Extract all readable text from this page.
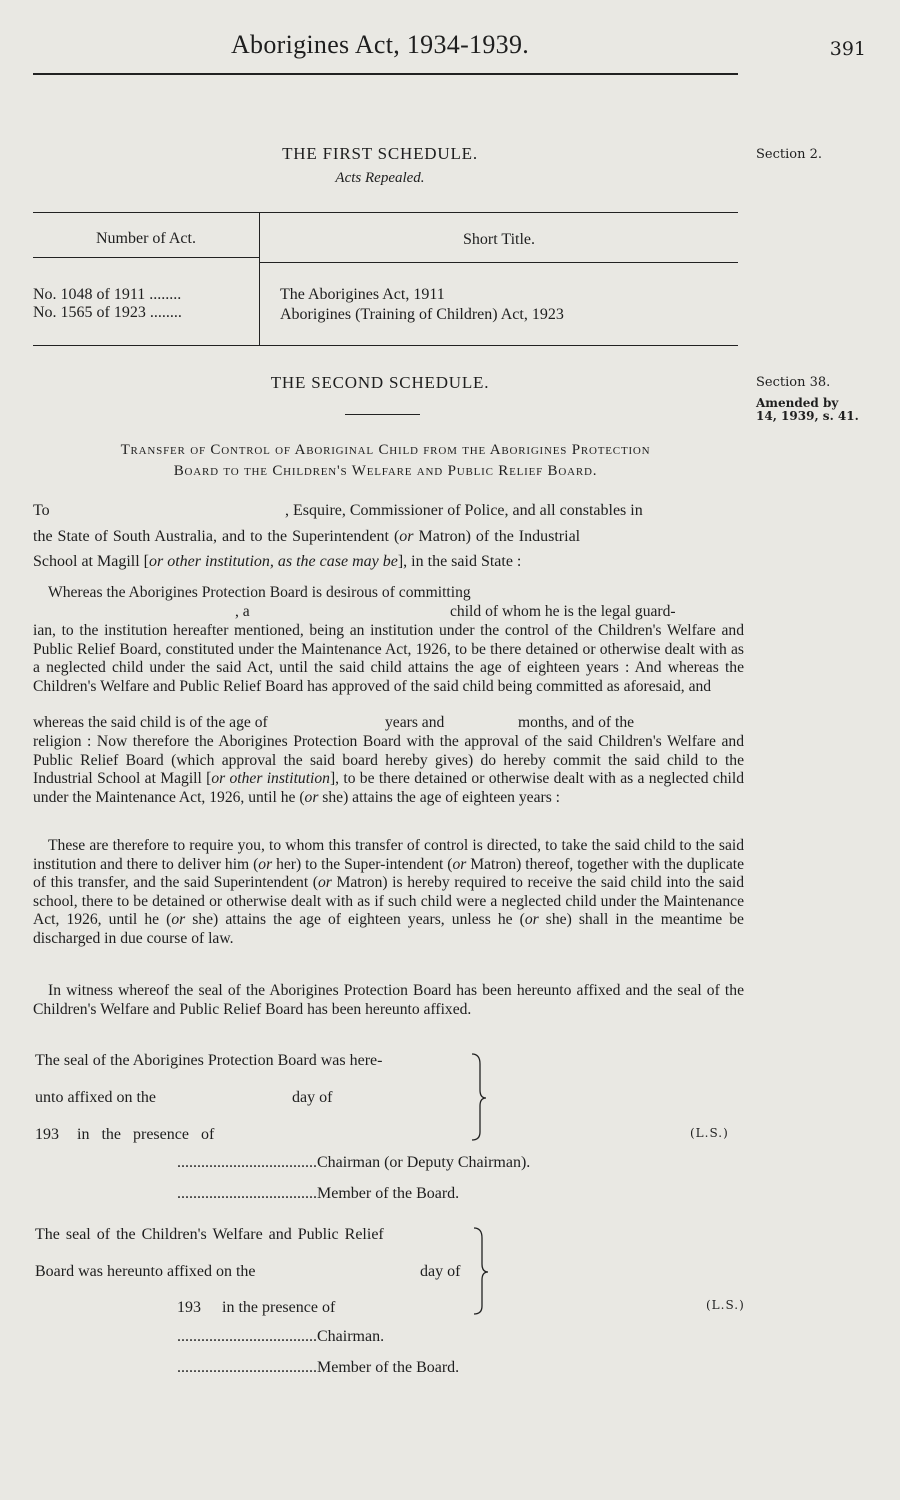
Aborigines Act, 1934-1939.	391
THE FIRST SCHEDULE.
Acts Repealed.
Section 2.
Number of Act.	Short Title.
No. 1048 of 1911 ........	The Aborigines Act, 1911
No. 1565 of 1923 ........	Aborigines (Training of Children) Act, 1923
THE SECOND SCHEDULE.	Section 38.
Amended by
14, 1939, s. 41.
Transfer of Control of Aboriginal Child from the Aborigines Protection
Board to the Children's Welfare and Public Relief Board.
To	, Esquire, Commissioner of Police, and all constables in
the State of South Australia, and to the Superintendent (or Matron) of the Industrial
School at Magill [or other institution, as the case may be], in the said State :
Whereas the Aborigines Protection Board is desirous of committing
, a	child of whom he is the legal guard-
ian, to the institution hereafter mentioned, being an institution under the control of the Children's Welfare and Public Relief Board, constituted under the Maintenance Act, 1926, to be there detained or otherwise dealt with as a neglected child under the said Act, until the said child attains the age of eighteen years : And whereas the Children's Welfare and Public Relief Board has approved of the said child being committed as aforesaid, and
whereas the said child is of the age of	years and	months, and of the
religion : Now therefore the Aborigines Protection Board with the approval of the said Children's Welfare and Public Relief Board (which approval the said board hereby gives) do hereby commit the said child to the Industrial School at Magill [or other institution], to be there detained or otherwise dealt with as a neglected child under the Maintenance Act, 1926, until he (or she) attains the age of eighteen years :
These are therefore to require you, to whom this transfer of control is directed, to take the said child to the said institution and there to deliver him (or her) to the Super-intendent (or Matron) thereof, together with the duplicate of this transfer, and the said Superintendent (or Matron) is hereby required to receive the said child into the said school, there to be detained or otherwise dealt with as if such child were a neglected child under the Maintenance Act, 1926, until he (or she) attains the age of eighteen years, unless he (or she) shall in the meantime be discharged in due course of law.
In witness whereof the seal of the Aborigines Protection Board has been hereunto affixed and the seal of the Children's Welfare and Public Relief Board has been hereunto affixed.
The seal of the Aborigines Protection Board was here-
unto affixed on the	day of
193 in the presence of	(L.S.)
...................................Chairman (or Deputy Chairman).
...................................Member of the Board.
The seal of the Children's Welfare and Public Relief
Board was hereunto affixed on the	day of
193 in the presence of	(L.S.)
...................................Chairman.
...................................Member of the Board.
